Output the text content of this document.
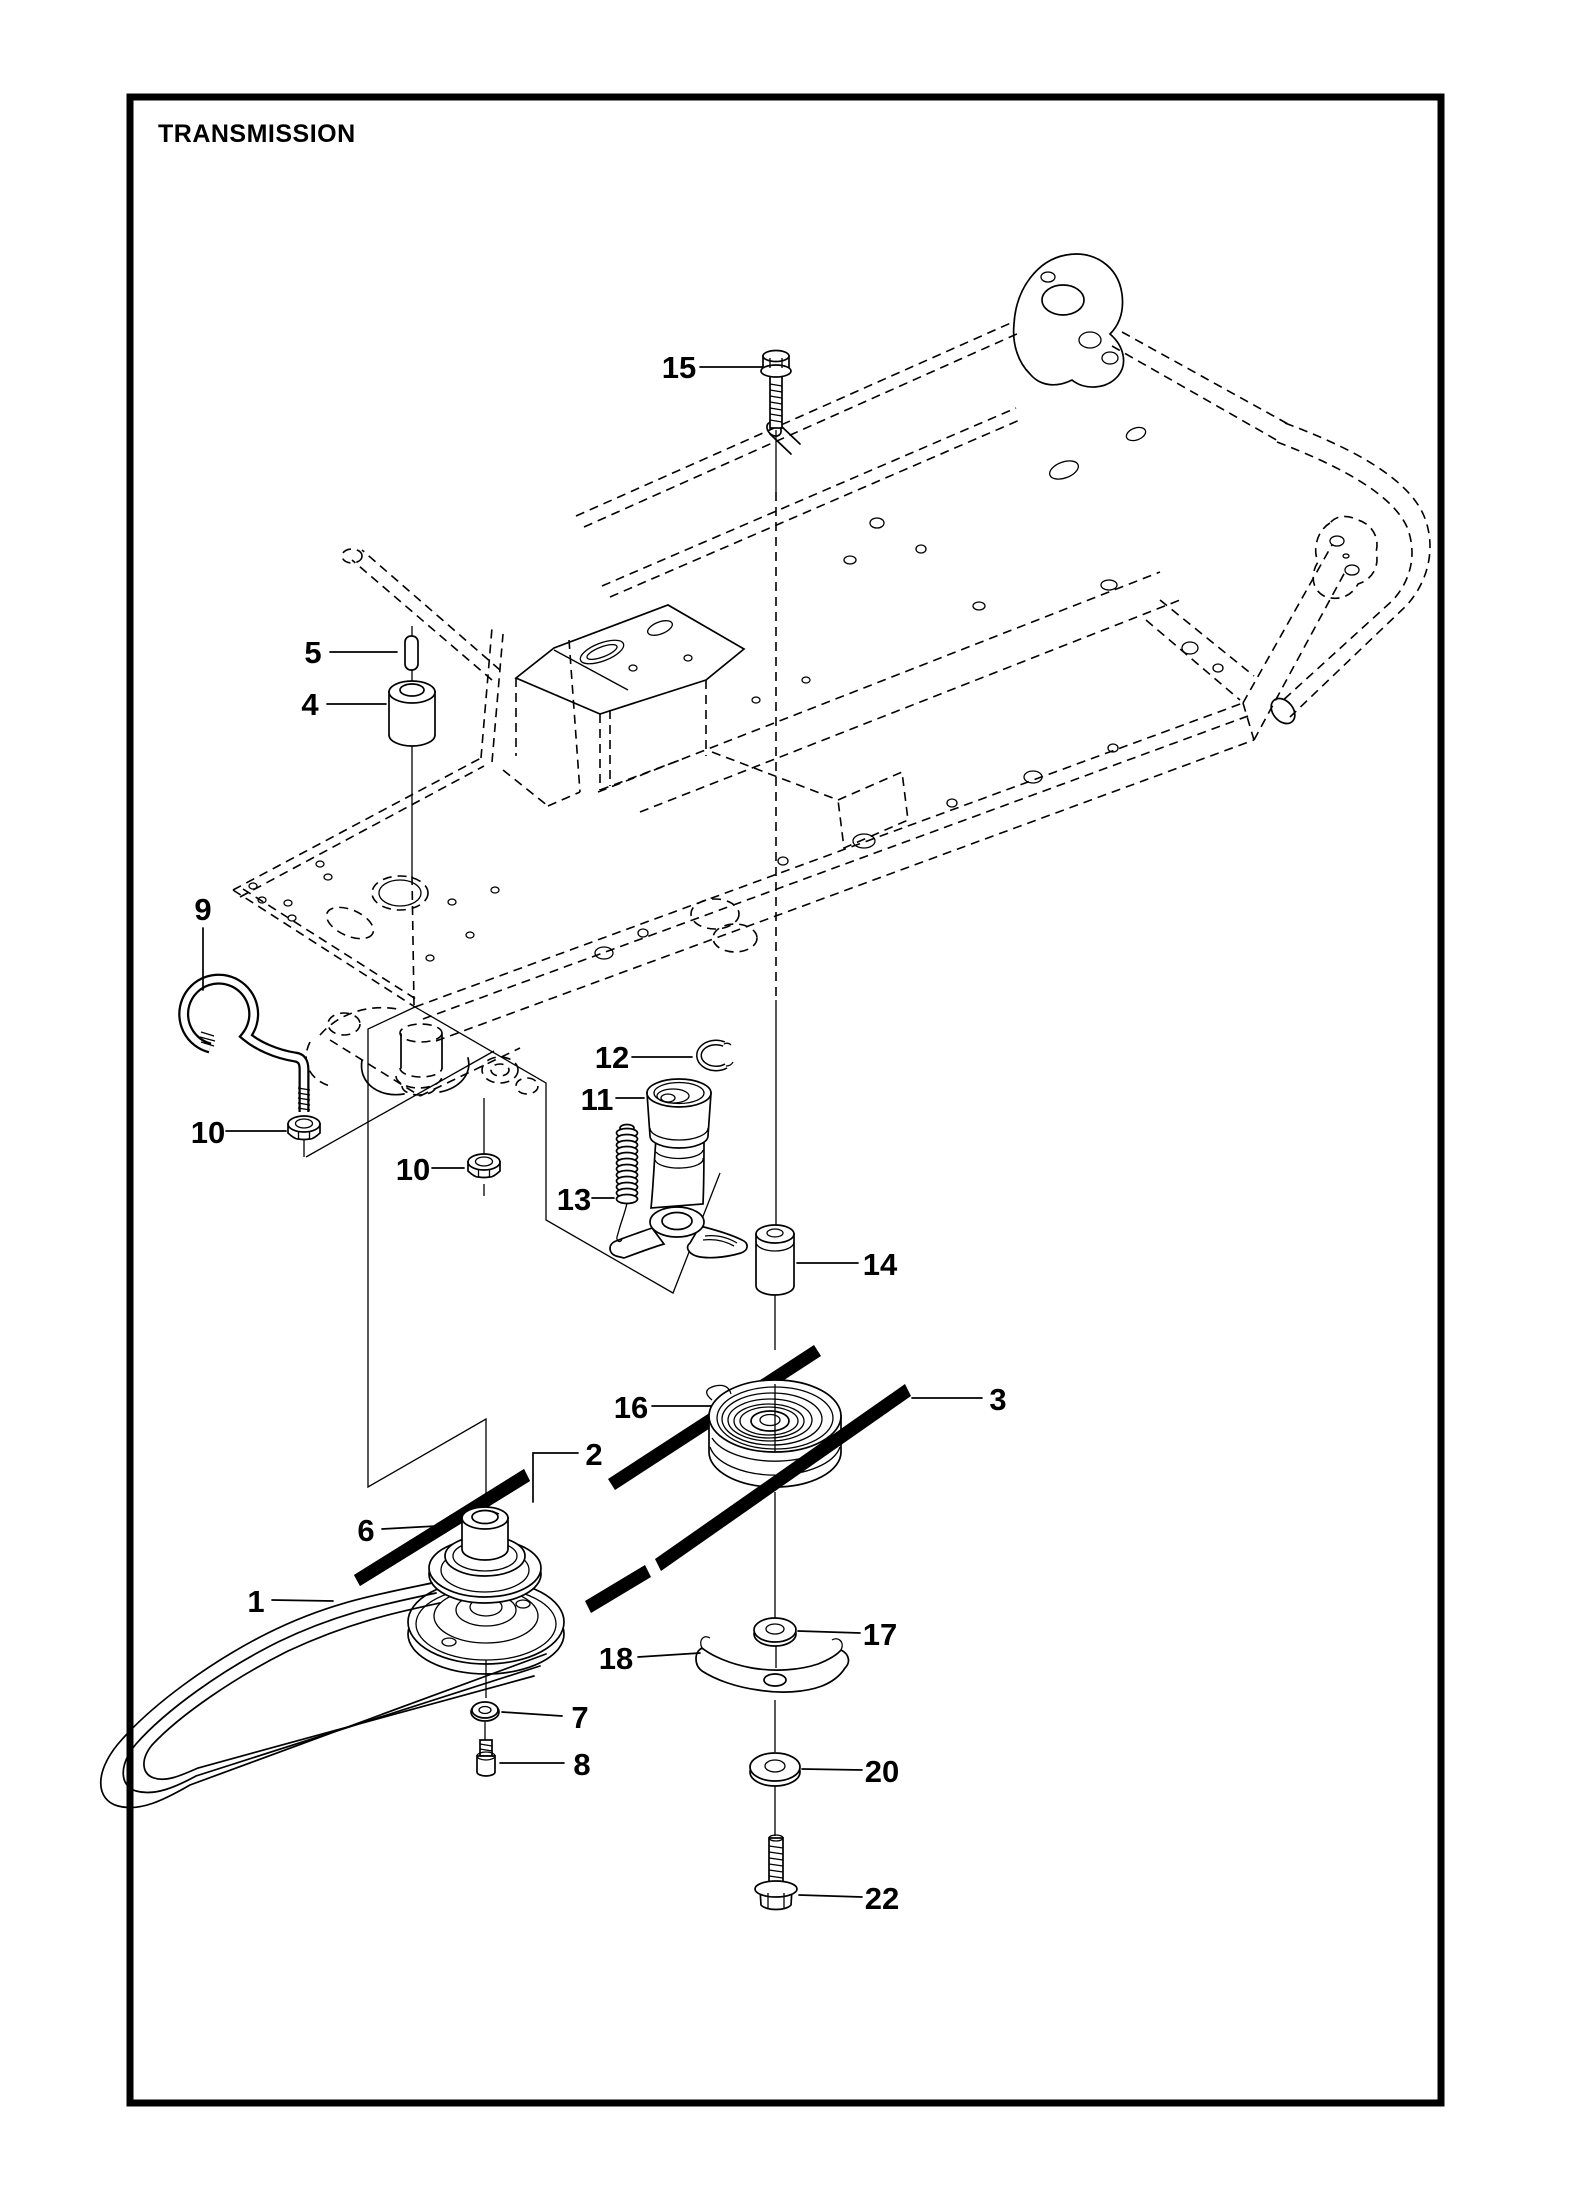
TRANSMISSION
15
5
4
9
10
10
12
11
13
14
16	3
2
6
1
18
7
8
17
20
22
